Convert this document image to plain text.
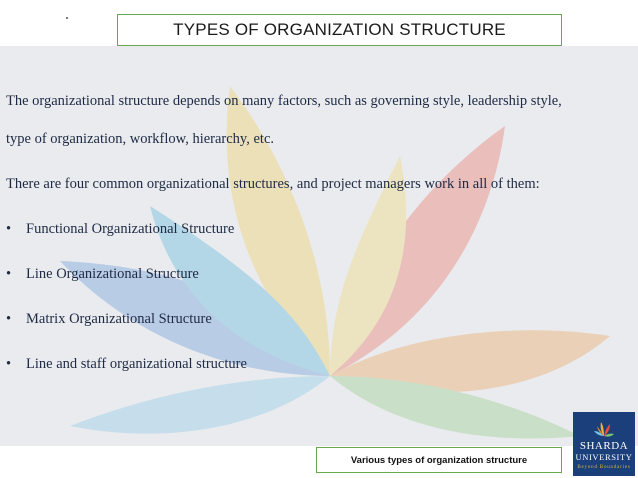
TYPES OF ORGANIZATION STRUCTURE
The organizational structure depends on many factors, such as governing style, leadership style,
type of organization, workflow, hierarchy, etc.
There are four common organizational structures, and project managers work in all of them:
• Functional Organizational Structure
• Line Organizational Structure
• Matrix Organizational Structure
• Line and staff organizational structure
Various types of organization structure
SHARDA
UNIVERSITY
Beyond Boundaries
